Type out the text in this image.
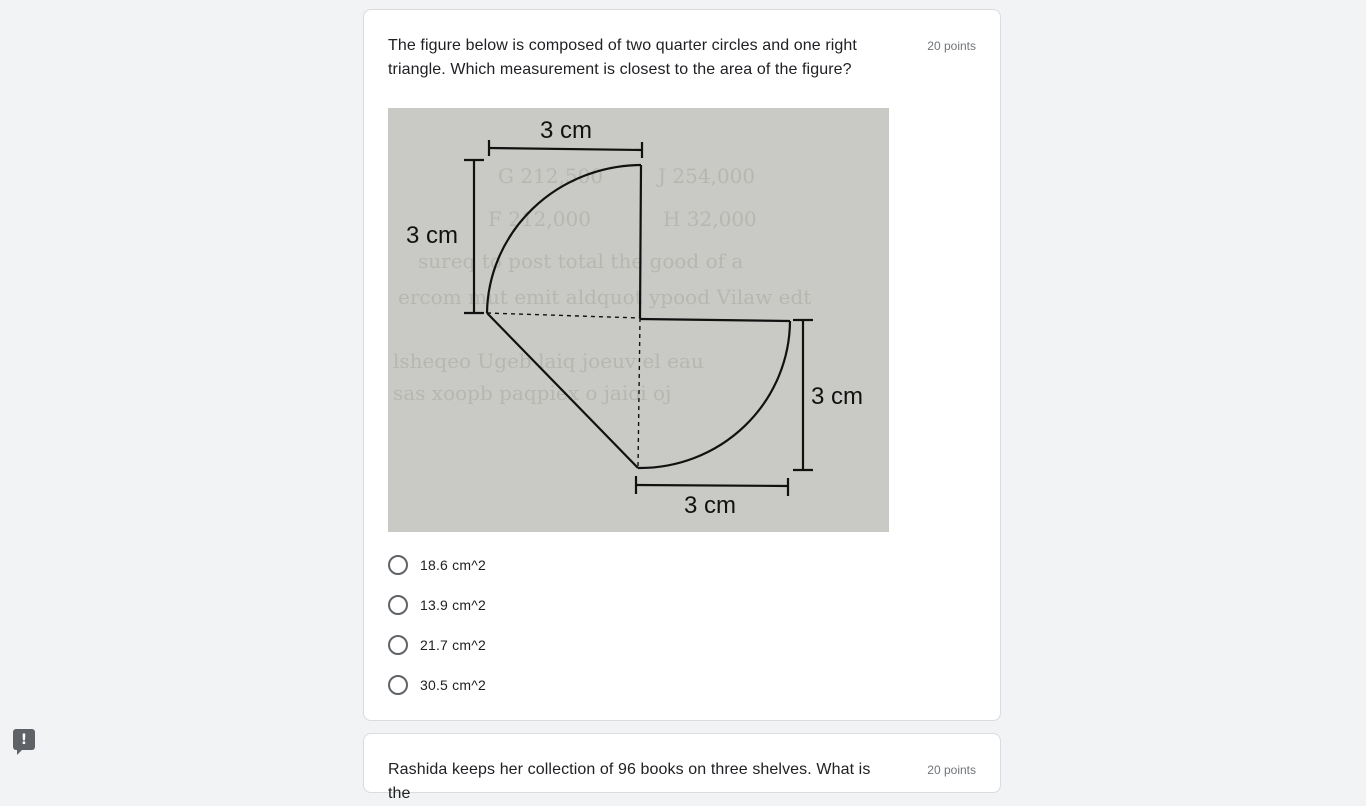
The figure below is composed of two quarter circles and one right triangle. Which measurement is closest to the area of the figure?

20 points
G 212,500	J 254,000
F 212,000	H 32,000
sureq to post total the good of a
ercom mut emit aldquot ypood Vilaw edt
lsheqeo Ugeb laiq joeuv el eau
sas xoopb paqpiex o jaioi oj
3 cm
3 cm
3 cm
3 cm
18.6 cm^2
13.9 cm^2
21.7 cm^2
30.5 cm^2

Rashida keeps her collection of 96 books on three shelves. What is the

20 points
!
